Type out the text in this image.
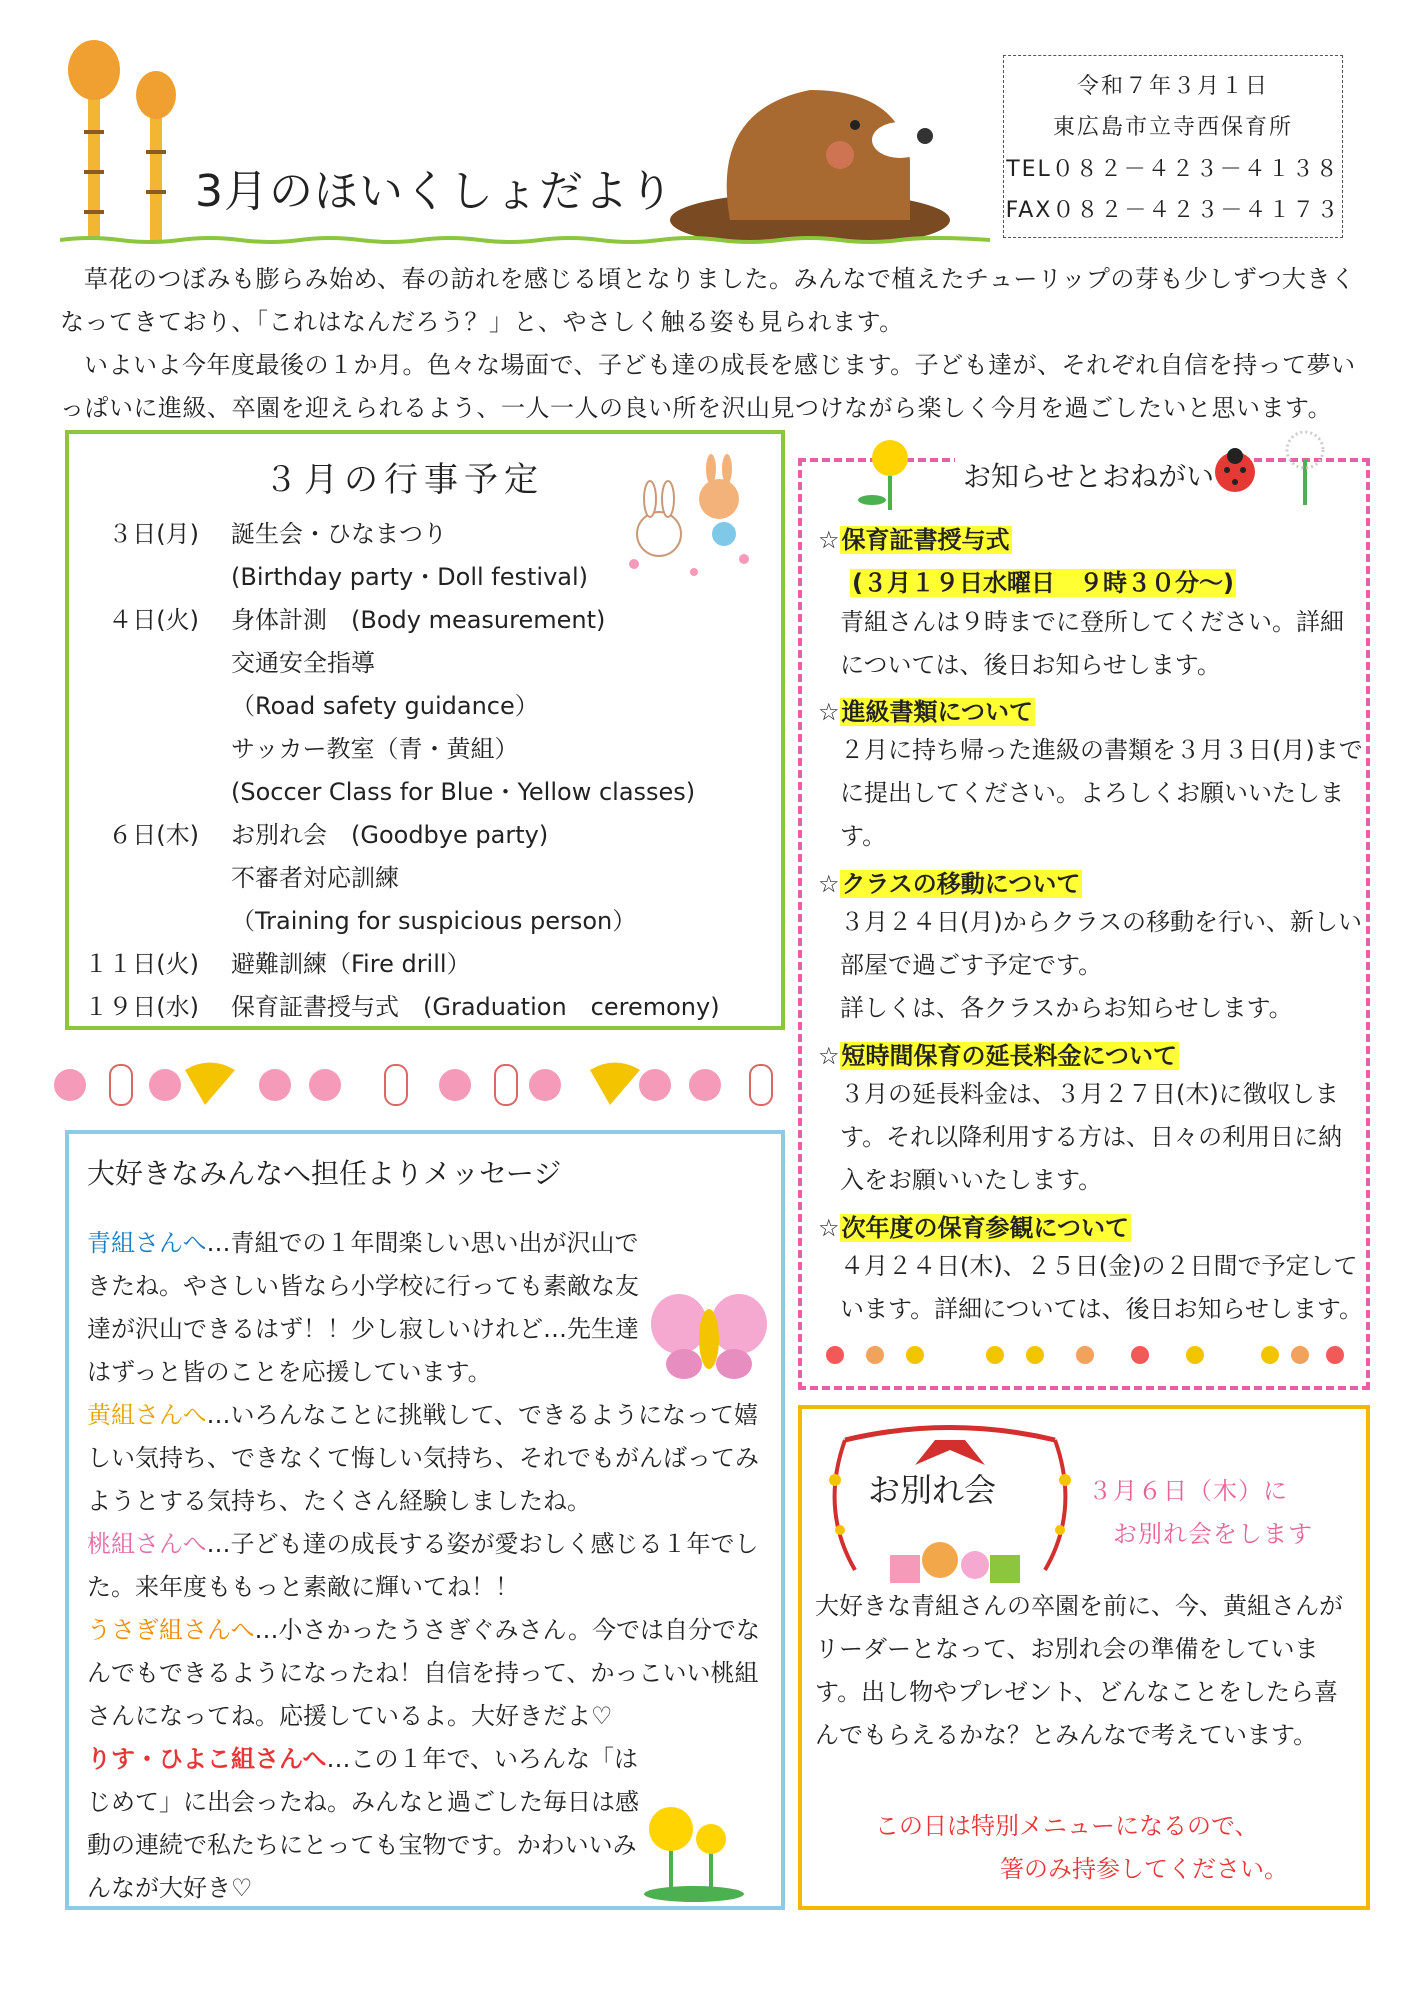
3月のほいくしょだより
令和７年３月１日
東広島市立寺西保育所
TEL０８２－４２３－４１３８
FAX０８２－４２３－４１７３

草花のつぼみも膨らみ始め、春の訪れを感じる頃となりました。みんなで植えたチューリップの芽も少しずつ大きくなってきており、「これはなんだろう？」と、やさしく触る姿も見られます。

いよいよ今年度最後の１か月。色々な場面で、子ども達の成長を感じます。子ども達が、それぞれ自信を持って夢いっぱいに進級、卒園を迎えられるよう、一人一人の良い所を沢山見つけながら楽しく今月を過ごしたいと思います。

３月の行事予定
３日(月) 誕生会・ひなまつり
(Birthday party・Doll festival)
４日(火) 身体計測　(Body measurement)
交通安全指導
（Road safety guidance）
サッカー教室（青・黄組）
(Soccer Class for Blue・Yellow classes)
６日(木) お別れ会　(Goodbye party)
不審者対応訓練
（Training for suspicious person）
１１日(火) 避難訓練（Fire drill）
１９日(水) 保育証書授与式　(Graduation　ceremony)
お知らせとおねがい
☆保育証書授与式
(３月１９日水曜日　９時３０分～)
青組さんは９時までに登所してください。詳細については、後日お知らせします。
☆進級書類について
２月に持ち帰った進級の書類を３月３日(月)までに提出してください。よろしくお願いいたします。
☆クラスの移動について
３月２４日(月)からクラスの移動を行い、新しい部屋で過ごす予定です。
詳しくは、各クラスからお知らせします。
☆短時間保育の延長料金について
３月の延長料金は、３月２７日(木)に徴収します。それ以降利用する方は、日々の利用日に納入をお願いいたします。
☆次年度の保育参観について
４月２４日(木)、２５日(金)の２日間で予定しています。詳細については、後日お知らせします。
大好きなみんなへ担任よりメッセージ

青組さんへ…青組での１年間楽しい思い出が沢山できたね。やさしい皆なら小学校に行っても素敵な友達が沢山できるはず！！少し寂しいけれど…先生達はずっと皆のことを応援しています。

黄組さんへ…いろんなことに挑戦して、できるようになって嬉しい気持ち、できなくて悔しい気持ち、それでもがんばってみようとする気持ち、たくさん経験しましたね。

桃組さんへ…子ども達の成長する姿が愛おしく感じる１年でした。来年度ももっと素敵に輝いてね！！

うさぎ組さんへ…小さかったうさぎぐみさん。今では自分でなんでもできるようになったね！自信を持って、かっこいい桃組さんになってね。応援しているよ。大好きだよ♡

りす・ひよこ組さんへ…この１年で、いろんな「はじめて」に出会ったね。みんなと過ごした毎日は感動の連続で私たちにとっても宝物です。かわいいみんなが大好き♡

お別れ会	３月６日（木）に
お別れ会をします
大好きな青組さんの卒園を前に、今、黄組さんがリーダーとなって、お別れ会の準備をしています。出し物やプレゼント、どんなことをしたら喜んでもらえるかな？とみんなで考えています。
この日は特別メニューになるので、
箸のみ持参してください。
